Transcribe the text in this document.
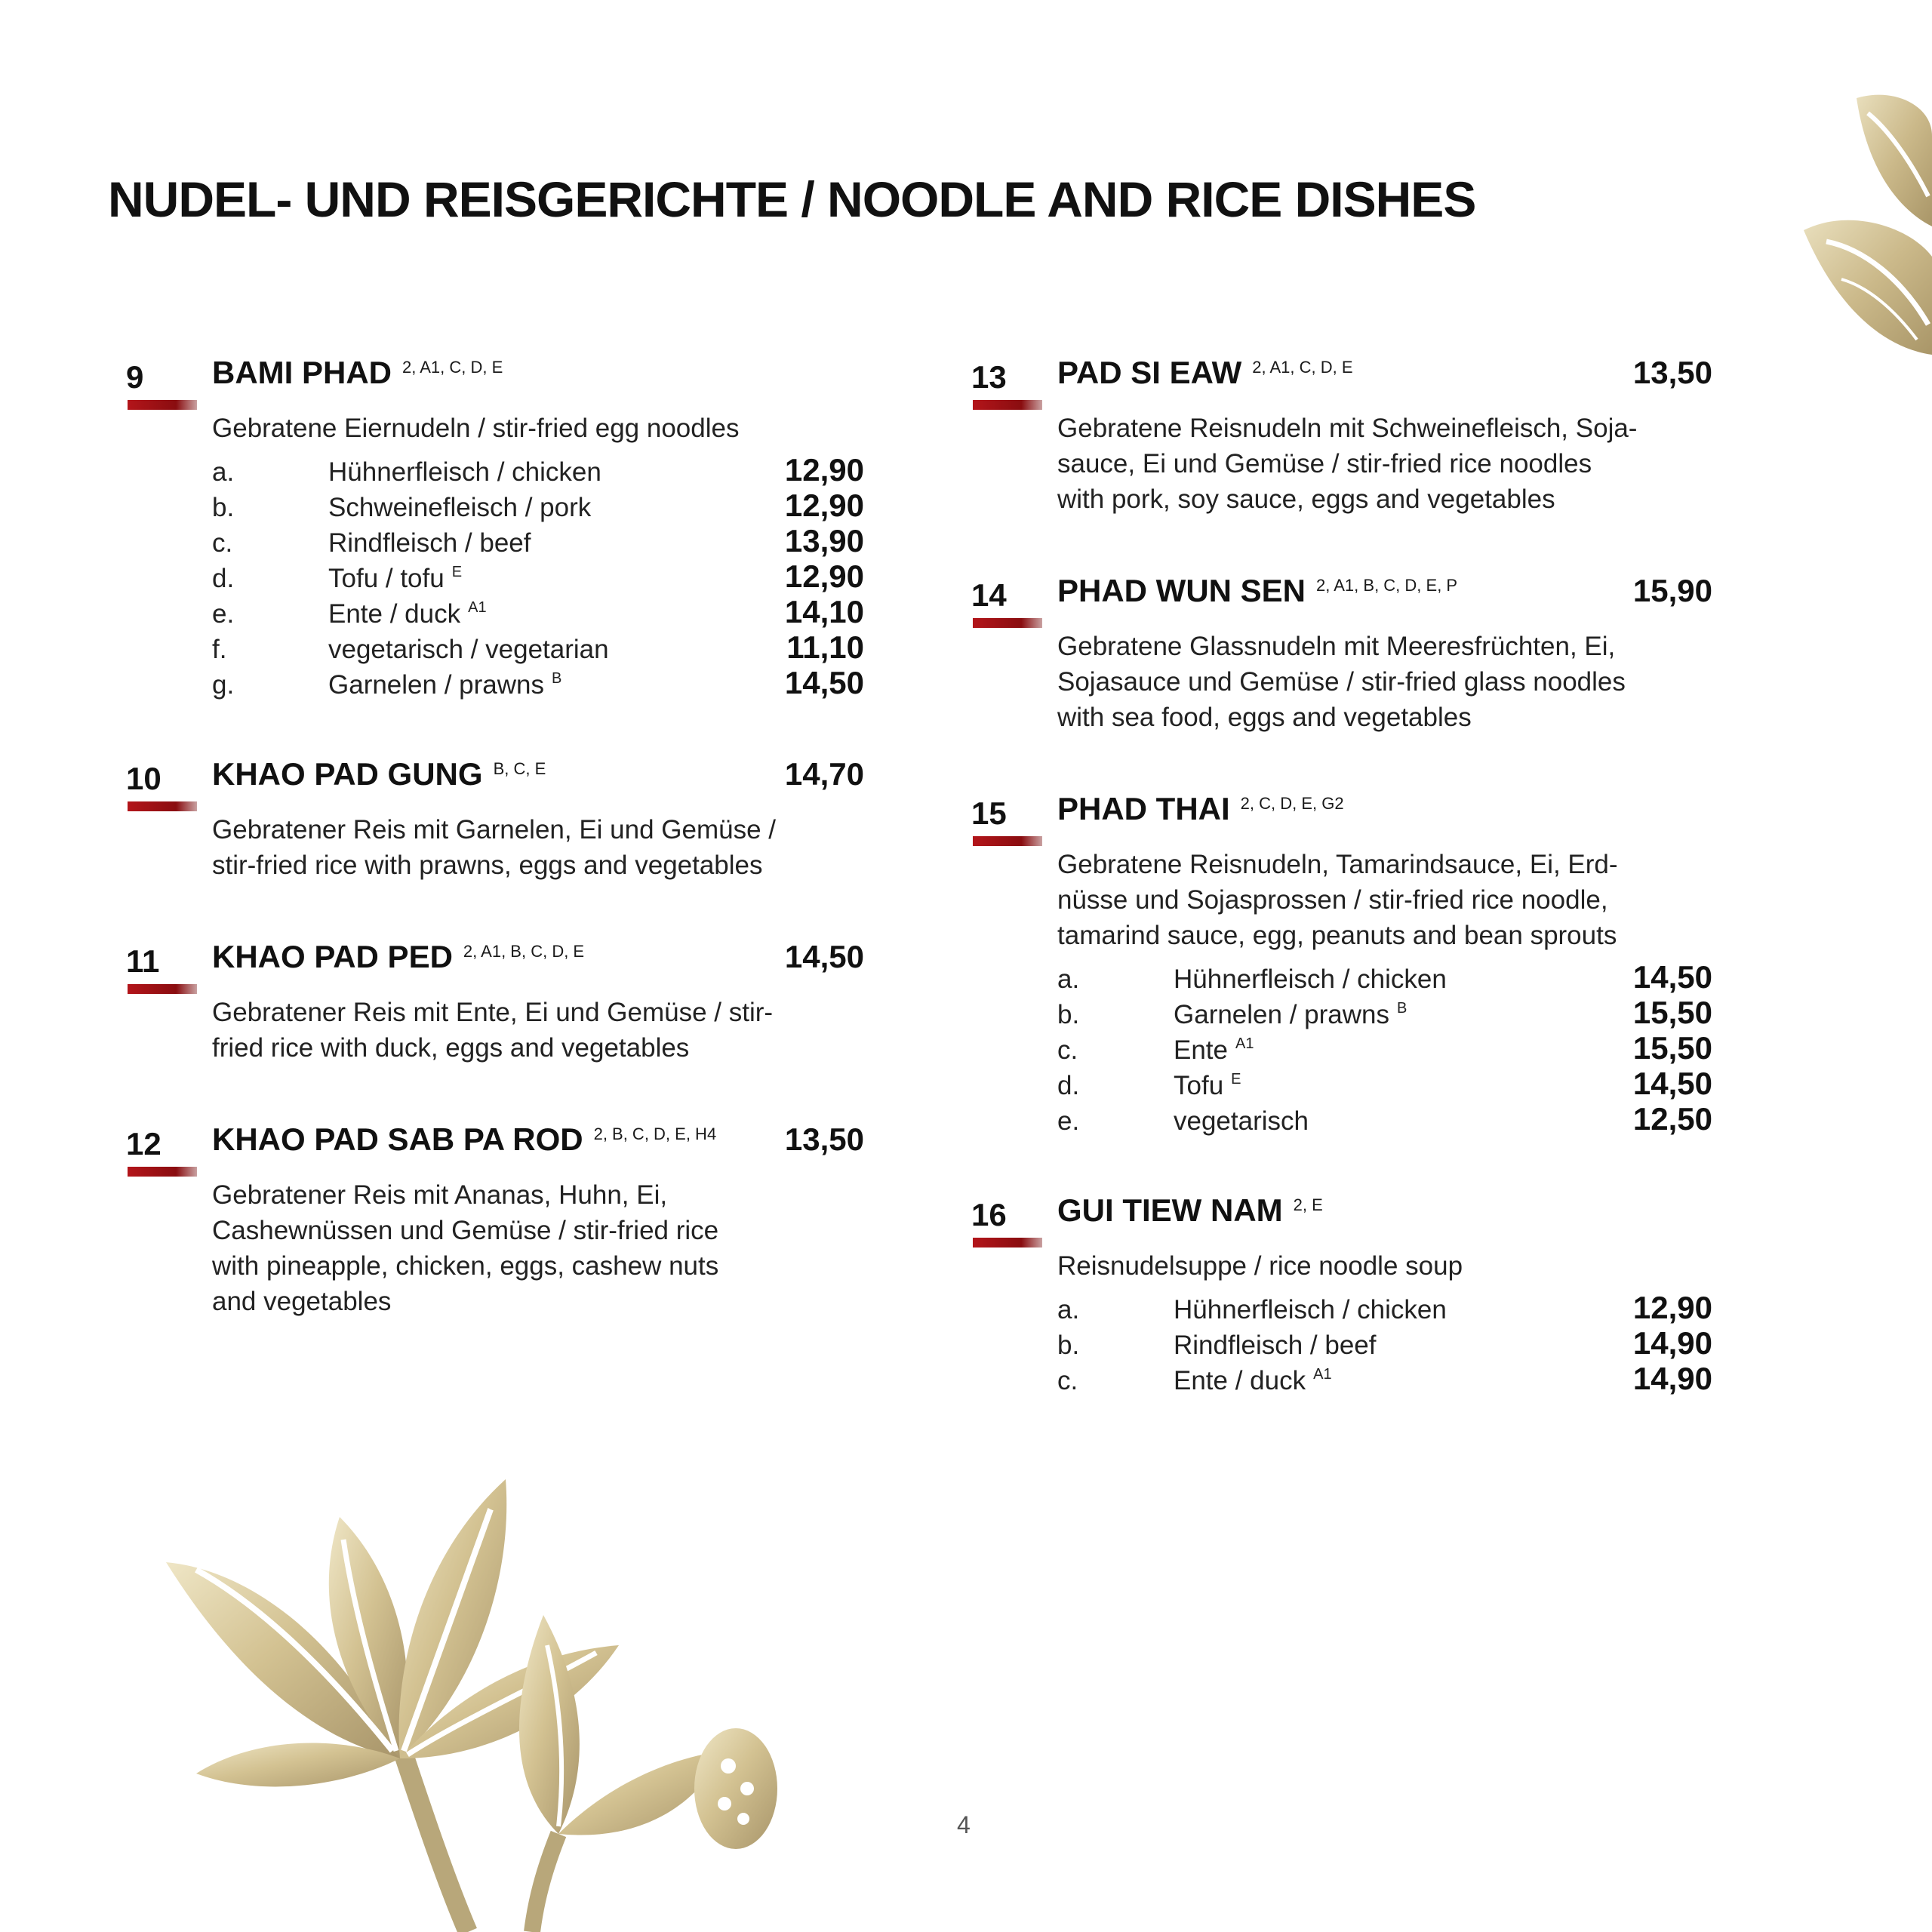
NUDEL- UND REISGERICHTE / NOODLE AND RICE DISHES
9 BAMI PHAD 2, A1, C, D, E
Gebratene Eiernudeln / stir-fried egg noodles
a.	Hühnerfleisch / chicken	12,90
b.	Schweinefleisch / pork	12,90
c.	Rindfleisch / beef	13,90
d.	Tofu / tofu E	12,90
e.	Ente / duck A1	14,10
f.	vegetarisch / vegetarian	11,10
g.	Garnelen / prawns B	14,50
10 KHAO PAD GUNG B, C, E	14,70
Gebratener Reis mit Garnelen, Ei und Gemüse /
stir-fried rice with prawns, eggs and vegetables
11 KHAO PAD PED 2, A1, B, C, D, E	14,50
Gebratener Reis mit Ente, Ei und Gemüse / stir-
fried rice with duck, eggs and vegetables
12 KHAO PAD SAB PA ROD 2, B, C, D, E, H4 13,50
Gebratener Reis mit Ananas, Huhn, Ei,
Cashewnüssen und Gemüse / stir-fried rice
with pineapple, chicken, eggs, cashew nuts
and vegetables
13 PAD SI EAW 2, A1, C, D, E	13,50
Gebratene Reisnudeln mit Schweinefleisch, Soja-
sauce, Ei und Gemüse / stir-fried rice noodles
with pork, soy sauce, eggs and vegetables
14 PHAD WUN SEN 2, A1, B, C, D, E, P	15,90
Gebratene Glassnudeln mit Meeresfrüchten, Ei,
Sojasauce und Gemüse / stir-fried glass noodles
with sea food, eggs and vegetables
15 PHAD THAI 2, C, D, E, G2
Gebratene Reisnudeln, Tamarindsauce, Ei, Erd-
nüsse und Sojasprossen / stir-fried rice noodle,
tamarind sauce, egg, peanuts and bean sprouts
a.	Hühnerfleisch / chicken	14,50
b.	Garnelen / prawns B	15,50
c.	Ente A1	15,50
d.	Tofu E	14,50
e.	vegetarisch	12,50
16 GUI TIEW NAM 2, E
Reisnudelsuppe / rice noodle soup
a.	Hühnerfleisch / chicken	12,90
b.	Rindfleisch / beef	14,90
c.	Ente / duck A1	14,90
4
